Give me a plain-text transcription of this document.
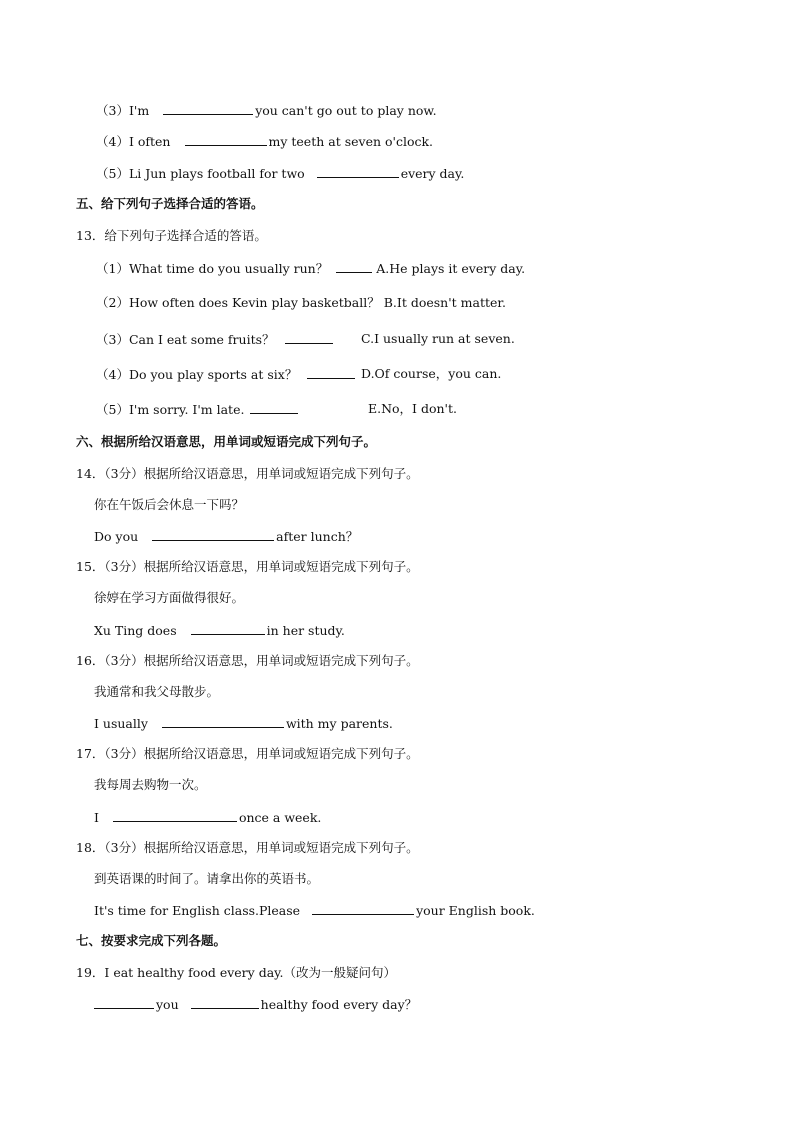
（3）I'm	you can't go out to play now.
（4）I often	my teeth at seven o'clock.
（5）Li Jun plays football for two	every day.
五、给下列句子选择合适的答语。
13．给下列句子选择合适的答语。
（1）What time do you usually run？	A.He plays it every day.
（2）How often does Kevin play basketball？ B.It doesn't matter.
（3）Can I eat some fruits？	C.I usually run at seven.
（4）Do you play sports at six？	D.Of course，you can.
（5）I'm sorry. I'm late.	E.No，I don't.
六、根据所给汉语意思，用单词或短语完成下列句子。
14．（3分）根据所给汉语意思，用单词或短语完成下列句子。
你在午饭后会休息一下吗？
Do you	after lunch？
15．（3分）根据所给汉语意思，用单词或短语完成下列句子。
徐婷在学习方面做得很好。
Xu Ting does	in her study.
16．（3分）根据所给汉语意思，用单词或短语完成下列句子。
我通常和我父母散步。
I usually	with my parents.
17．（3分）根据所给汉语意思，用单词或短语完成下列句子。
我每周去购物一次。
I	once a week.
18．（3分）根据所给汉语意思，用单词或短语完成下列句子。
到英语课的时间了。请拿出你的英语书。
It's time for English class.Please	your English book.
七、按要求完成下列各题。
19．I eat healthy food every day.（改为一般疑问句）
you	healthy food every day？
